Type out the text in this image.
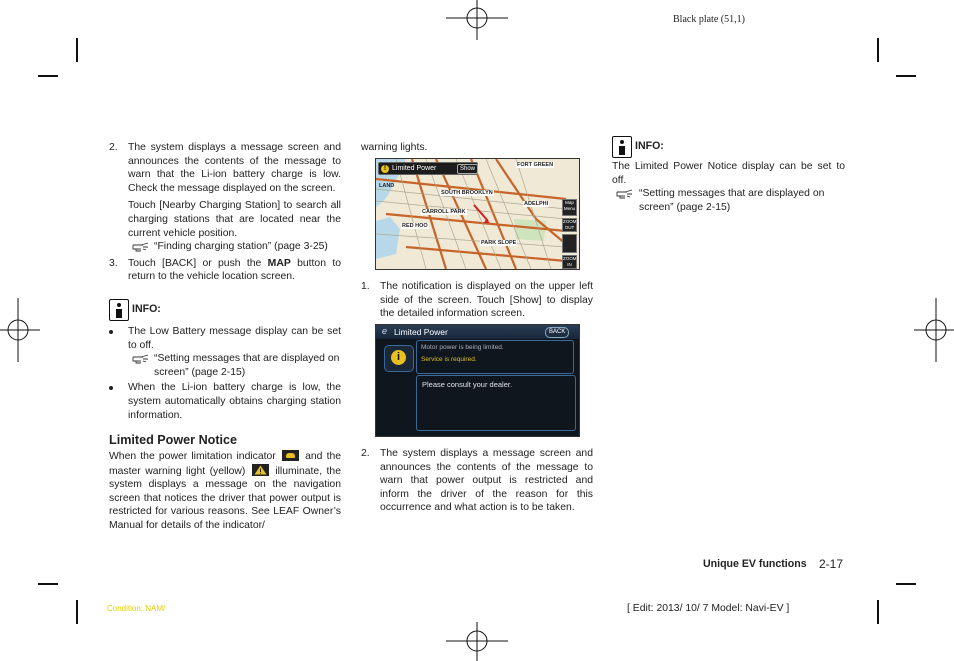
Black plate (51,1)
2. The system displays a message screen and announces the contents of the message to warn that the Li-ion battery charge is low. Check the message displayed on the screen.
Touch [Nearby Charging Station] to search all charging stations that are located near the current vehicle position.
“Finding charging station” (page 3-25)
3. Touch [BACK] or push the MAP button to return to the vehicle location screen.
INFO:
The Low Battery message display can be set to off.
“Setting messages that are displayed on screen” (page 2-15)
When the Li-ion battery charge is low, the system automatically obtains charging station information.
Limited Power Notice
When the power limitation indicator	and the master warning light (yellow)	illuminate, the system displays a message on the navigation screen that notices the driver that power output is restricted for various reasons. See LEAF Owner’s Manual for details of the indicator/
warning lights.
! Limited Power	Show
FORT GREEN
LAND
SOUTH BROOKLYN
ADELPHI
CARROLL PARK
RED HOO
PARK SLOPE
Map Menu
ZOOM OUT
ZOOM IN
1. The notification is displayed on the upper left side of the screen. Touch [Show] to display the detailed information screen.
e Limited Power	BACK
i
Motor power is being limited.
Service is required.
Please consult your dealer.
2. The system displays a message screen and announces the contents of the message to warn that power output is restricted and inform the driver of the reason for this occurrence and what action is to be taken.
INFO:
The Limited Power Notice display can be set to off.
“Setting messages that are displayed on screen” (page 2-15)
Unique EV functions 2-17
Condition: NAM/	[ Edit: 2013/ 10/ 7 Model: Navi-EV ]
